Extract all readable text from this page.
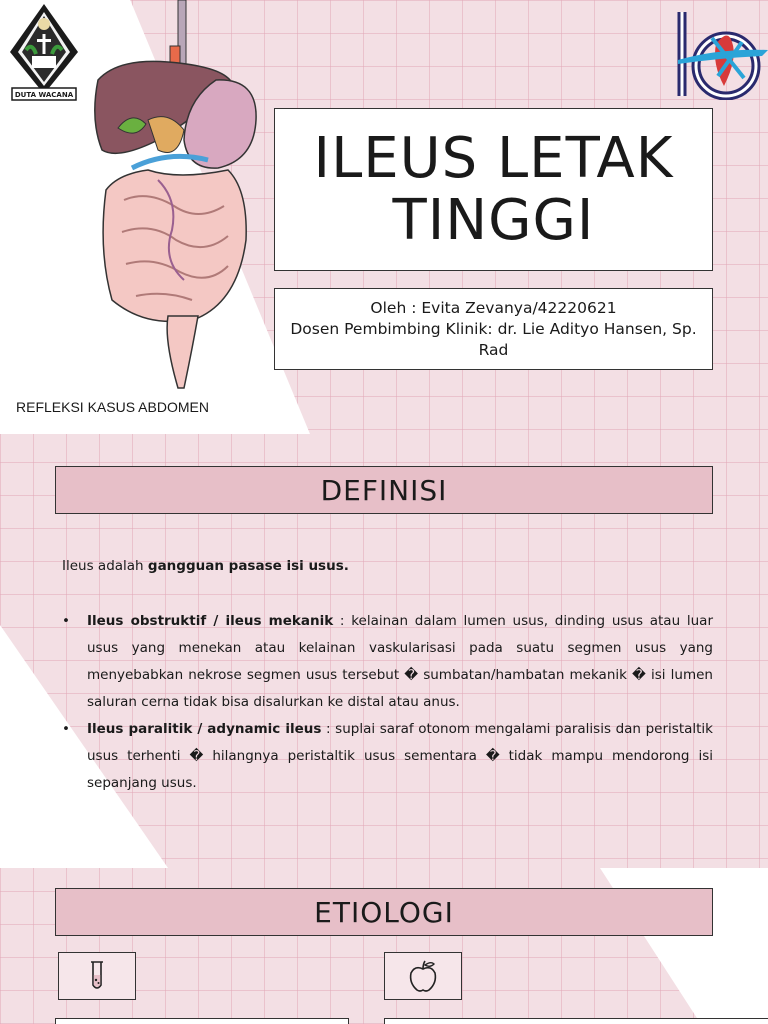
DUTA WACANA
ILEUS LETAK TINGGI
Oleh : Evita Zevanya/42220621
Dosen Pembimbing Klinik: dr. Lie Adityo Hansen, Sp. Rad
REFLEKSI KASUS ABDOMEN
DEFINISI
Ileus adalah gangguan pasase isi usus.
• Ileus obstruktif / ileus mekanik : kelainan dalam lumen usus, dinding usus atau luar usus yang menekan atau kelainan vaskularisasi pada suatu segmen usus yang menyebabkan nekrose segmen usus tersebut � sumbatan/hambatan mekanik � isi lumen saluran cerna tidak bisa disalurkan ke distal atau anus.
• Ileus paralitik / adynamic ileus : suplai saraf otonom mengalami paralisis dan peristaltik usus terhenti � hilangnya peristaltik usus sementara � tidak mampu mendorong isi sepanjang usus.
ETIOLOGI
